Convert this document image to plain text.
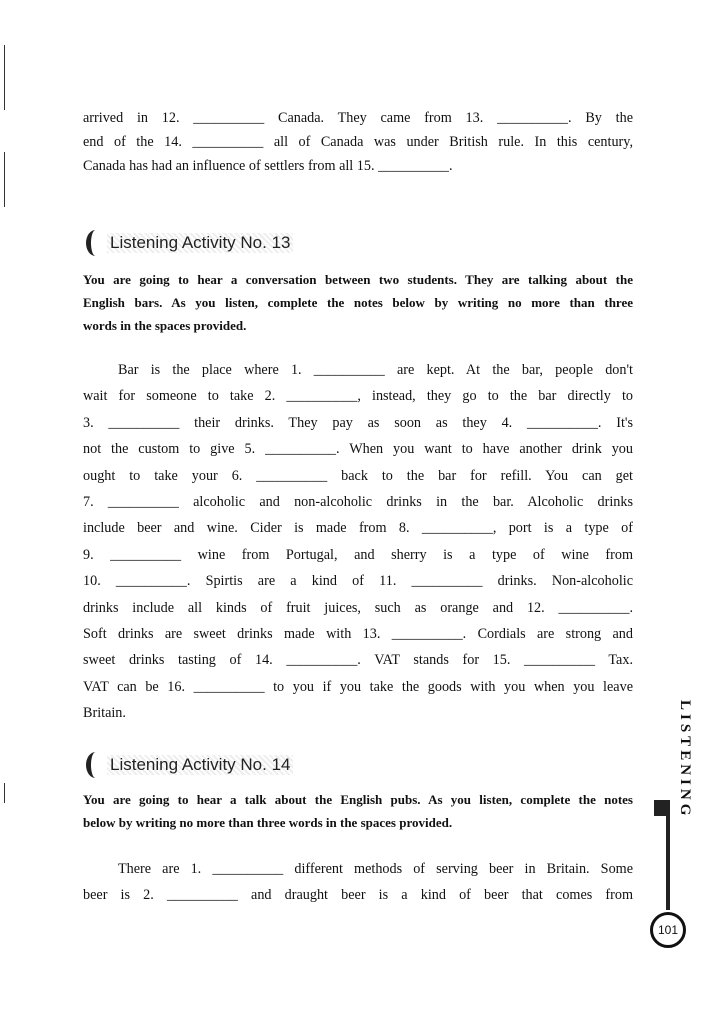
arrived in 12. __________ Canada. They came from 13. __________. By the
end of the 14. __________ all of Canada was under British rule. In this century,
Canada has had an influence of settlers from all 15. __________.
Listening Activity No. 13
You are going to hear a conversation between two students. They are talking about the
English bars. As you listen, complete the notes below by writing no more than three
words in the spaces provided.
Bar is the place where 1. __________ are kept. At the bar, people don't
wait for someone to take 2. __________, instead, they go to the bar directly to
3. __________ their drinks. They pay as soon as they 4. __________. It's
not the custom to give 5. __________. When you want to have another drink you
ought to take your 6. __________ back to the bar for refill. You can get
7. __________ alcoholic and non-alcoholic drinks in the bar. Alcoholic drinks
include beer and wine. Cider is made from 8. __________, port is a type of
9. __________ wine from Portugal, and sherry is a type of wine from
10. __________. Spirtis are a kind of 11. __________ drinks. Non-alcoholic
drinks include all kinds of fruit juices, such as orange and 12. __________.
Soft drinks are sweet drinks made with 13. __________. Cordials are strong and
sweet drinks tasting of 14. __________. VAT stands for 15. __________ Tax.
VAT can be 16. __________ to you if you take the goods with you when you leave
Britain.
Listening Activity No. 14
You are going to hear a talk about the English pubs. As you listen, complete the notes
below by writing no more than three words in the spaces provided.
There are 1. __________ different methods of serving beer in Britain. Some
beer is 2. __________ and draught beer is a kind of beer that comes from
LISTENING
101
